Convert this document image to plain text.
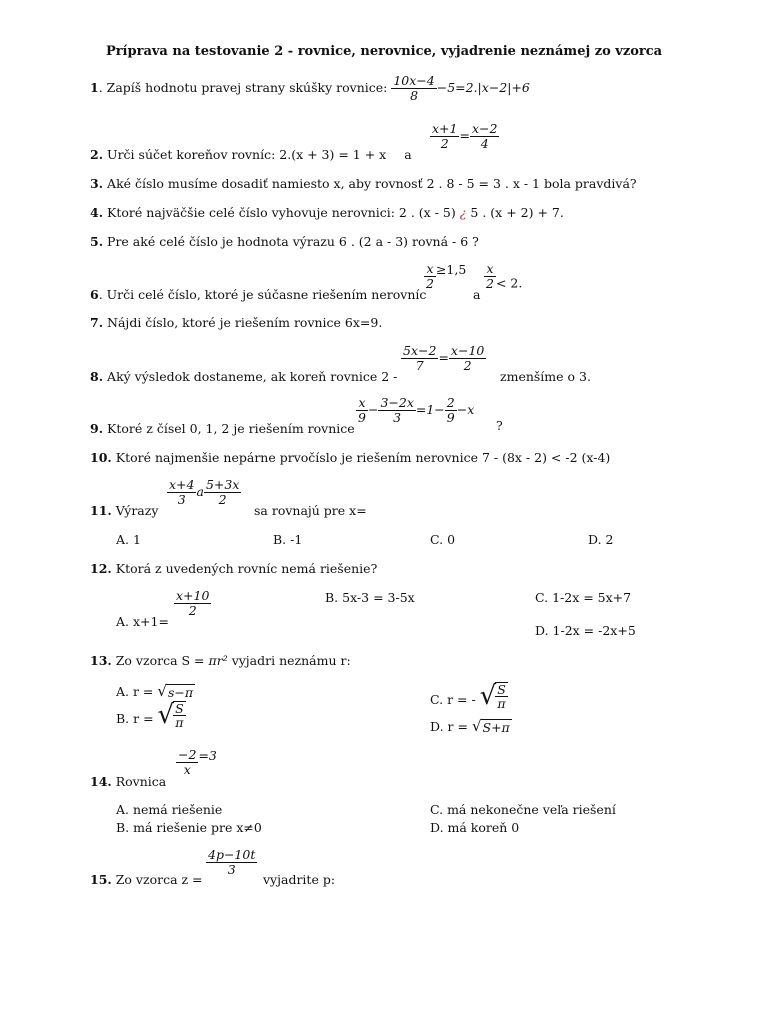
Príprava na testovanie 2 - rovnice, nerovnice, vyjadrenie neznámej zo vzorca
1. Zapíš hodnotu pravej strany skúšky rovnice: $\frac{10x-4}{8} -5=2.|x-2|+6$
2. Urči súčet koreňov rovníc: 2.(x + 3) = 1 + x a
$\frac{x+1}{2} = \frac{x-2}{4}$
3. Aké číslo musíme dosadiť namiesto x, aby rovnosť 2 . 8 - 5 = 3 . x - 1 bola pravdivá?
4. Ktoré najväčšie celé číslo vyhovuje nerovnici: 2 . (x - 5) ¿ 5 . (x + 2) + 7.
5. Pre aké celé číslo je hodnota výrazu 6 . (2 a - 3) rovná - 6 ?
6. Urči celé číslo, ktoré je súčasne riešením nerovníc
$\frac{x}{2} \ge 1,5$
a
$\frac{x}{2} < 2$.
7. Nájdi číslo, ktoré je riešením rovnice 6x=9.
8. Aký výsledok dostaneme, ak koreň rovnice 2 -
$\frac{5x-2}{7} = \frac{x-10}{2}$
zmenšíme o 3.
9. Ktoré z čísel 0, 1, 2 je riešením rovnice
$\frac{x}{9} - \frac{3-2x}{3} =1- \frac{2}{9} -x$
?
10. Ktoré najmenšie nepárne prvočíslo je riešením nerovnice 7 - (8x - 2) < -2 (x-4)
11. Výrazy
$\frac{x+4}{3}$ a $\frac{5+3x}{2}$
sa rovnajú pre x=
A. 1	B. -1	C. 0	D. 2
12. Ktorá z uvedených rovníc nemá riešenie?
A. x+1=
$\frac{x+10}{2}$	B. 5x-3 = 3-5x	C. 1-2x = 5x+7
D. 1-2x = -2x+5
13. Zo vzorca S = πr² vyjadri neznámu r:
A. r = √ s−π
B. r = √ $\frac{S}{\pi}$
C. r = - √ $\frac{S}{\pi}$
D. r = √ S+π
14. Rovnica
$\frac{-2}{x} =3$
A. nemá riešenie
B. má riešenie pre x≠0
C. má nekonečne veľa riešení
D. má koreň 0
15. Zo vzorca z =
$\frac{4p-10t}{3}$
vyjadrite p:
